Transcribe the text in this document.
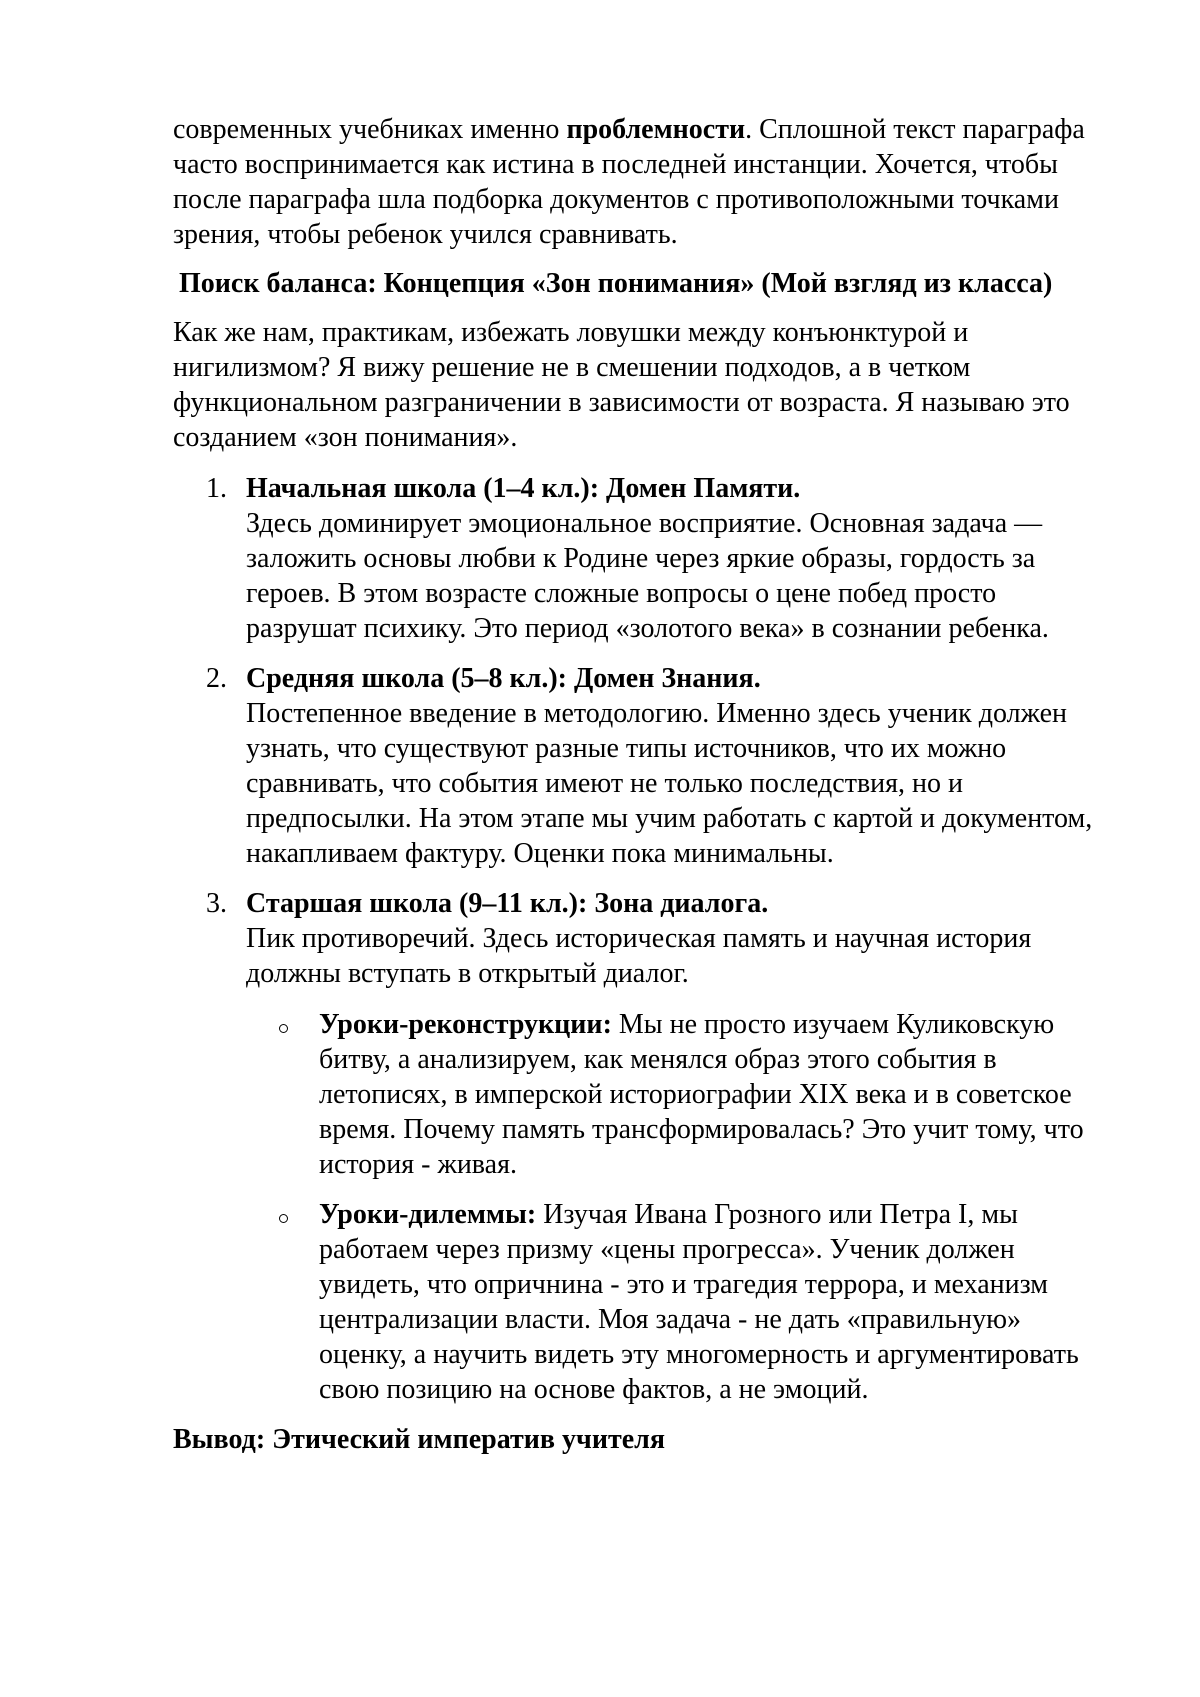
современных учебниках именно проблемности. Сплошной текст параграфа часто воспринимается как истина в последней инстанции. Хочется, чтобы после параграфа шла подборка документов с противоположными точками зрения, чтобы ребенок учился сравнивать.

Поиск баланса: Концепция «Зон понимания» (Мой взгляд из класса)

Как же нам, практикам, избежать ловушки между конъюнктурой и нигилизмом? Я вижу решение не в смешении подходов, а в четком функциональном разграничении в зависимости от возраста. Я называю это созданием «зон понимания».

1. Начальная школа (1–4 кл.): Домен Памяти.
Здесь доминирует эмоциональное восприятие. Основная задача — заложить основы любви к Родине через яркие образы, гордость за героев. В этом возрасте сложные вопросы о цене побед просто разрушат психику. Это период «золотого века» в сознании ребенка.
2. Средняя школа (5–8 кл.): Домен Знания.
Постепенное введение в методологию. Именно здесь ученик должен узнать, что существуют разные типы источников, что их можно сравнивать, что события имеют не только последствия, но и предпосылки. На этом этапе мы учим работать с картой и документом, накапливаем фактуру. Оценки пока минимальны.
3. Старшая школа (9–11 кл.): Зона диалога.
Пик противоречий. Здесь историческая память и научная история должны вступать в открытый диалог.
Уроки-реконструкции: Мы не просто изучаем Куликовскую битву, а анализируем, как менялся образ этого события в летописях, в имперской историографии XIX века и в советское время. Почему память трансформировалась? Это учит тому, что история - живая.
Уроки-дилеммы: Изучая Ивана Грозного или Петра I, мы работаем через призму «цены прогресса». Ученик должен увидеть, что опричнина - это и трагедия террора, и механизм централизации власти. Моя задача - не дать «правильную» оценку, а научить видеть эту многомерность и аргументировать свою позицию на основе фактов, а не эмоций.

Вывод: Этический императив учителя
